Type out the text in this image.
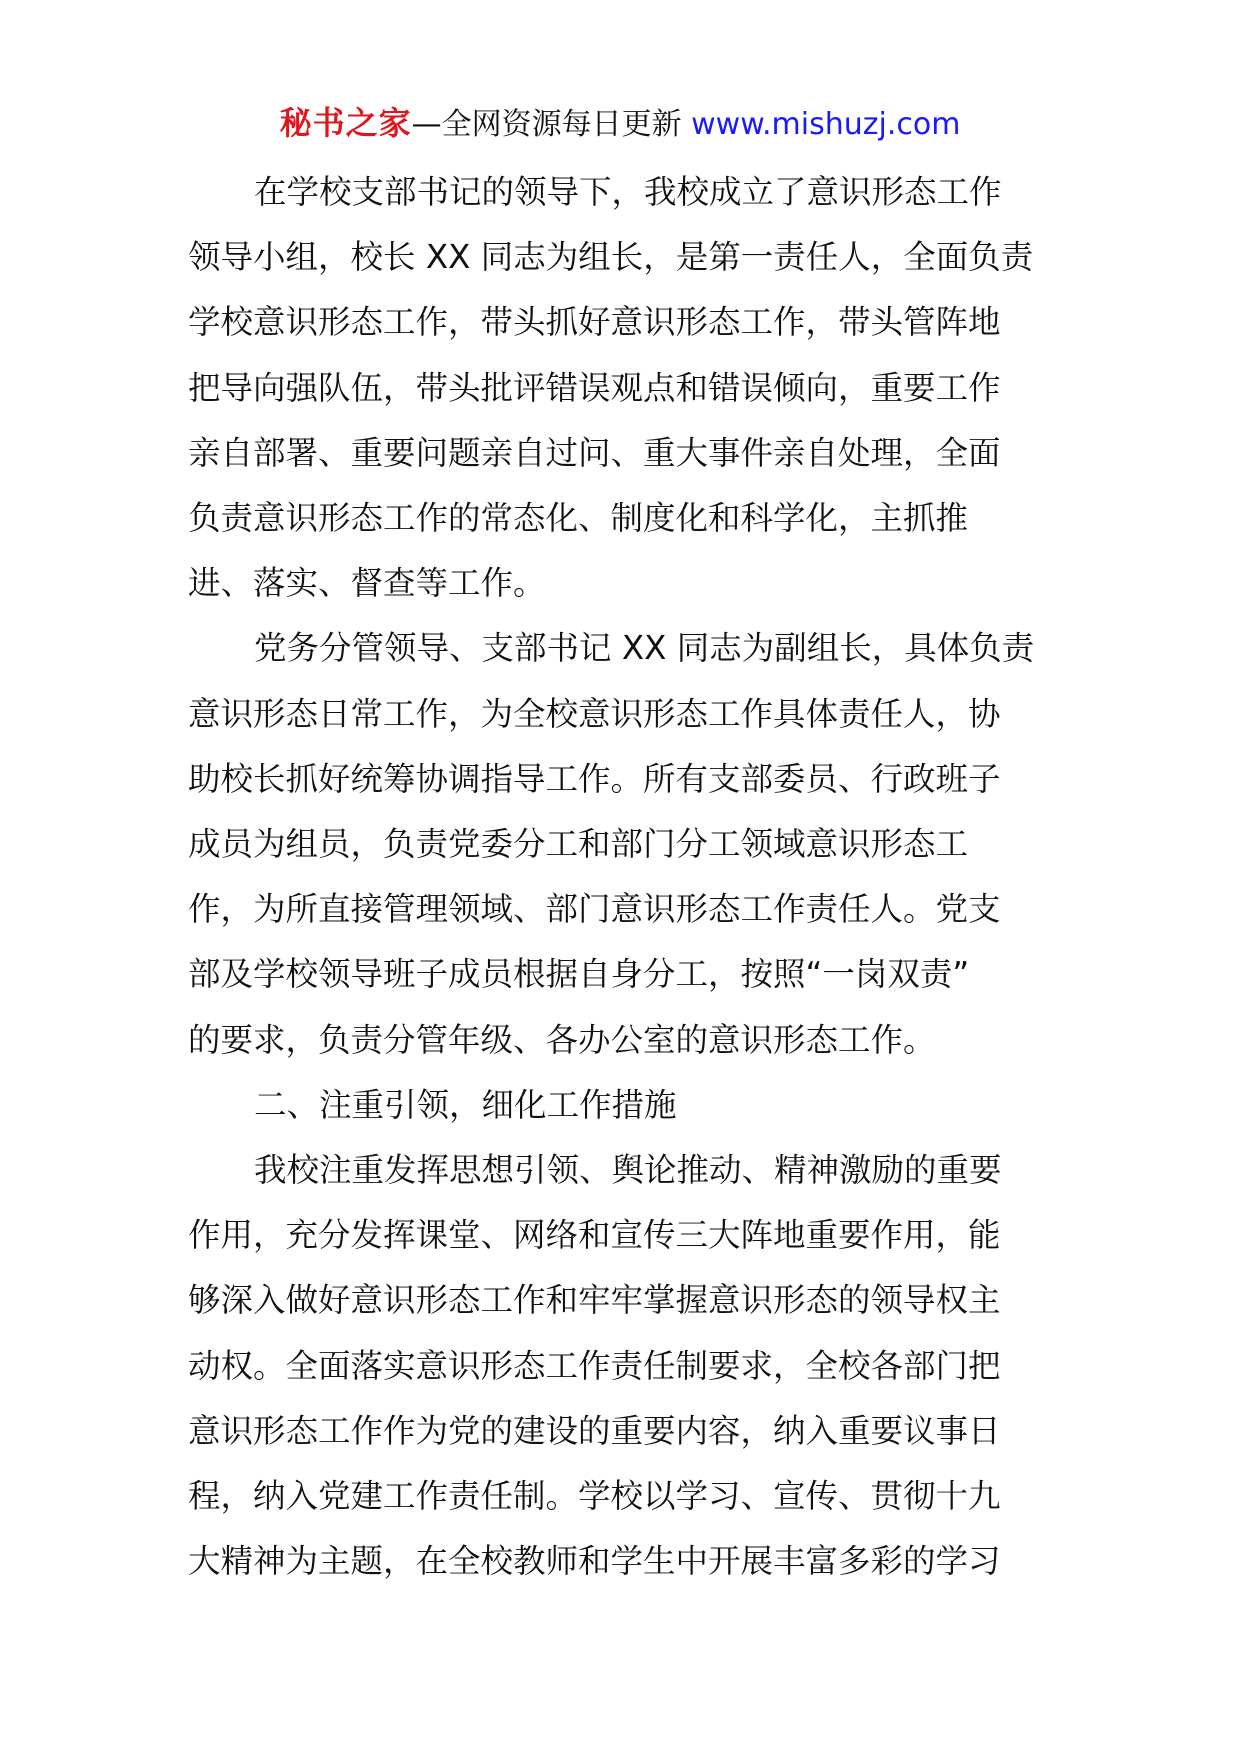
秘书之家—全网资源每日更新 www.mishuzj.com
在学校支部书记的领导下，我校成立了意识形态工作
领导小组，校长 XX 同志为组长，是第一责任人，全面负责
学校意识形态工作，带头抓好意识形态工作，带头管阵地
把导向强队伍，带头批评错误观点和错误倾向，重要工作
亲自部署、重要问题亲自过问、重大事件亲自处理，全面
负责意识形态工作的常态化、制度化和科学化，主抓推
进、落实、督查等工作。
党务分管领导、支部书记 XX 同志为副组长，具体负责
意识形态日常工作，为全校意识形态工作具体责任人，协
助校长抓好统筹协调指导工作。所有支部委员、行政班子
成员为组员，负责党委分工和部门分工领域意识形态工
作，为所直接管理领域、部门意识形态工作责任人。党支
部及学校领导班子成员根据自身分工，按照“一岗双责”
的要求，负责分管年级、各办公室的意识形态工作。
二、注重引领，细化工作措施
我校注重发挥思想引领、舆论推动、精神激励的重要
作用，充分发挥课堂、网络和宣传三大阵地重要作用，能
够深入做好意识形态工作和牢牢掌握意识形态的领导权主
动权。全面落实意识形态工作责任制要求，全校各部门把
意识形态工作作为党的建设的重要内容，纳入重要议事日
程，纳入党建工作责任制。学校以学习、宣传、贯彻十九
大精神为主题，在全校教师和学生中开展丰富多彩的学习
